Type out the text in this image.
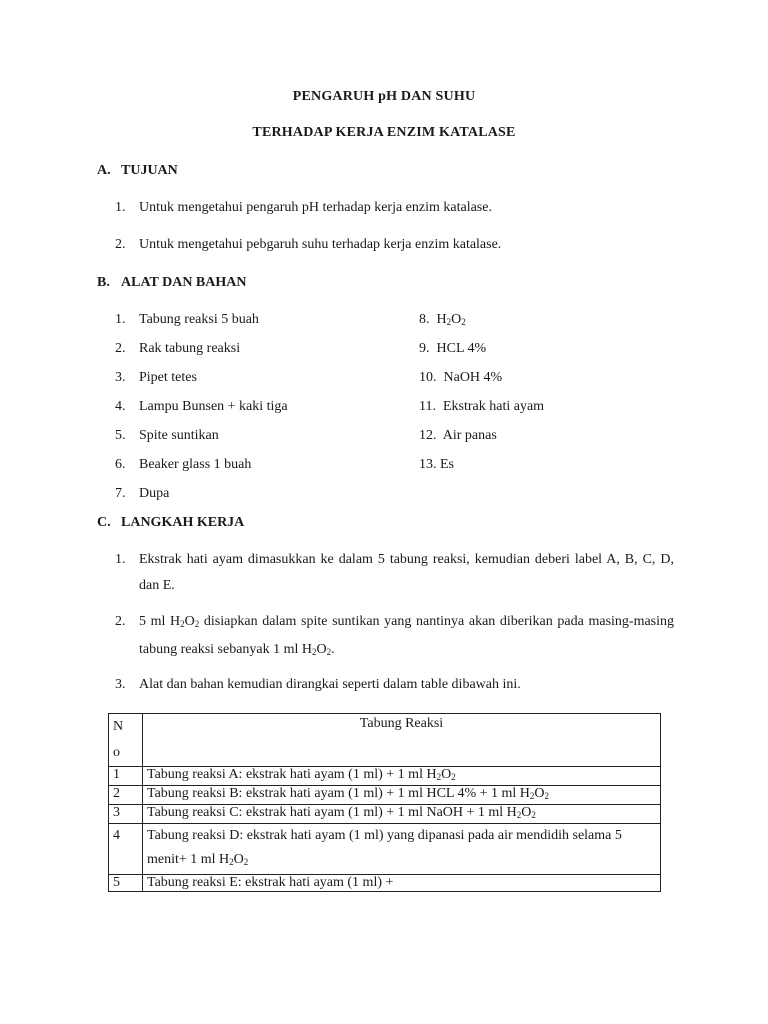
PENGARUH pH DAN SUHU
TERHADAP KERJA ENZIM KATALASE
A. TUJUAN
1. Untuk mengetahui pengaruh pH terhadap kerja enzim katalase.
2. Untuk mengetahui pebgaruh suhu terhadap kerja enzim katalase.
B. ALAT DAN BAHAN
1. Tabung reaksi 5 buah
2. Rak tabung reaksi
3. Pipet tetes
4. Lampu Bunsen + kaki tiga
5. Spite suntikan
6. Beaker glass 1 buah
7. Dupa
8. $H_2O_2$
9. HCL 4%
10. NaOH 4%
11. Ekstrak hati ayam
12. Air panas
13. Es
C. LANGKAH KERJA
1. Ekstrak hati ayam dimasukkan ke dalam 5 tabung reaksi, kemudian deberi label A, B, C, D, dan E.
2. 5 ml $H_2O_2$ disiapkan dalam spite suntikan yang nantinya akan diberikan pada masing-masing tabung reaksi sebanyak 1 ml $H_2O_2$.
3. Alat dan bahan kemudian dirangkai seperti dalam table dibawah ini.
N o	Tabung Reaksi
1	Tabung reaksi A: ekstrak hati ayam (1 ml) + 1 ml $H_2O_2$
2	Tabung reaksi B: ekstrak hati ayam (1 ml) + 1 ml HCL 4% + 1 ml $H_2O_2$
3	Tabung reaksi C: ekstrak hati ayam (1 ml) + 1 ml NaOH + 1 ml $H_2O_2$
4	Tabung reaksi D: ekstrak hati ayam (1 ml) yang dipanasi pada air mendidih selama 5 menit+ 1 ml $H_2O_2$
5	Tabung reaksi E: ekstrak hati ayam (1 ml) +
